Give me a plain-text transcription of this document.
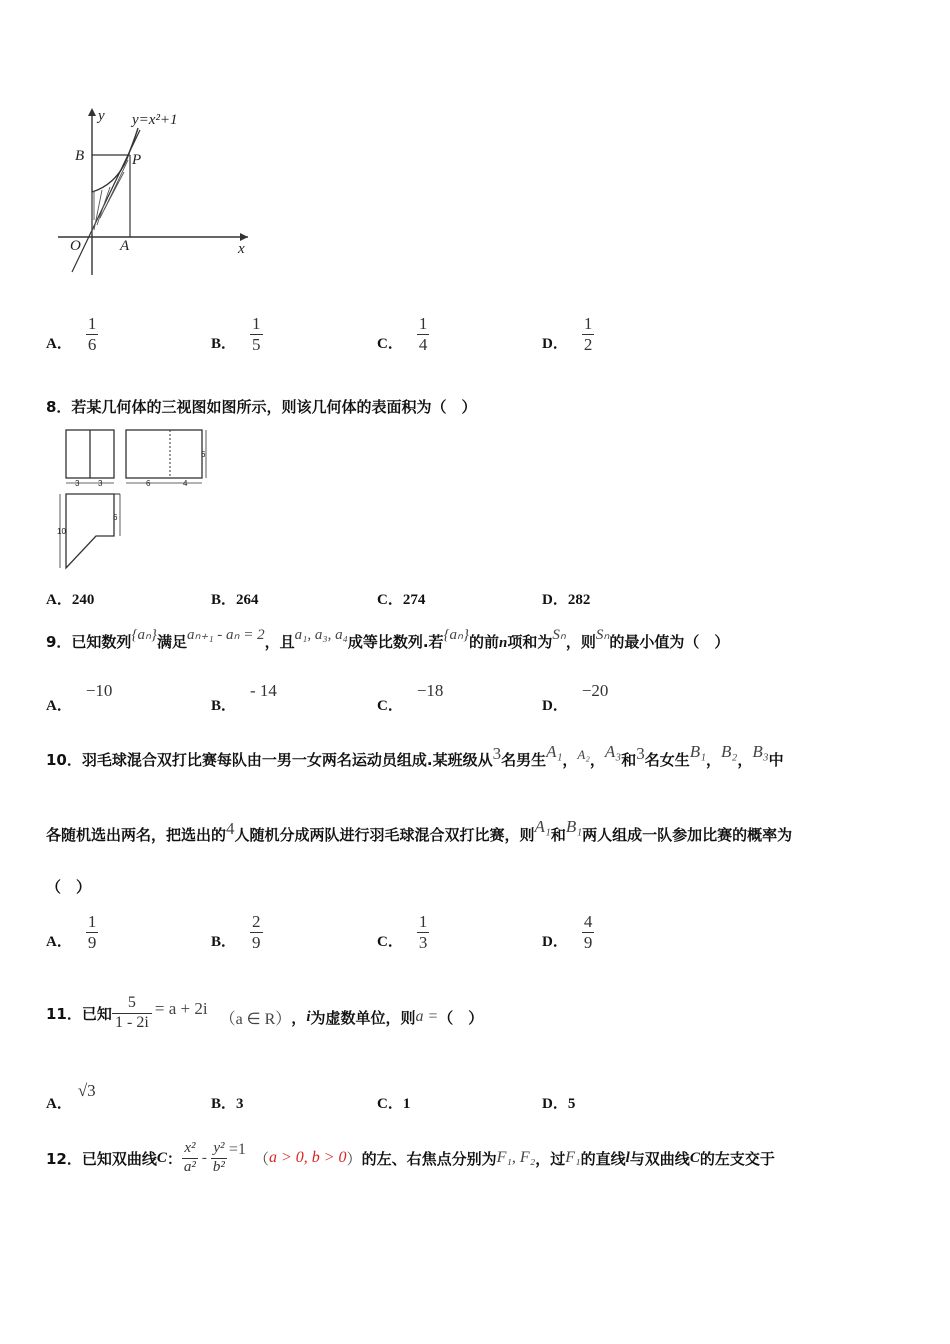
y=x²+1
y
x
B	P
O	A
A． $\frac{1}{6}$	B． $\frac{1}{5}$	C． $\frac{1}{4}$	D． $\frac{1}{2}$
8．若某几何体的三视图如图所示，则该几何体的表面积为（　）
3 3
6
6	4
10
6
A．240	B．264	C．274	D．282
9．已知数列{aₙ}满足aₙ₊₁ - aₙ = 2，且a₁, a₃, a₄成等比数列.若{aₙ}的前n项和为Sₙ，则Sₙ的最小值为（　）
A．−10
B．- 14
C．−18
D．−20
10．羽毛球混合双打比赛每队由一男一女两名运动员组成.某班级从3名男生A₁，A₂，A₃和3名女生B₁，B₂，B₃中
各随机选出两名，把选出的4人随机分成两队进行羽毛球混合双打比赛，则A₁和B₁两人组成一队参加比赛的概率为
（　）
A． $\frac{1}{9}$	B． $\frac{2}{9}$	C． $\frac{1}{3}$	D． $\frac{4}{9}$
11．已知 $\frac{5}{1 - 2i} = a + 2i$
（a ∈ R） ， i 为虚数单位，则 a = （　）
A．√3
B．3	C．1	D．5
12．已知双曲线 C ： $\frac{\text{x²}}{\text{a²}} - \frac{\text{y²}}{\text{b²}} =1$
（ a > 0, b > 0 ） 的左、右焦点分别为 F₁, F₂ ，过 F₁ 的直线 l 与双曲线 C 的左支交于
